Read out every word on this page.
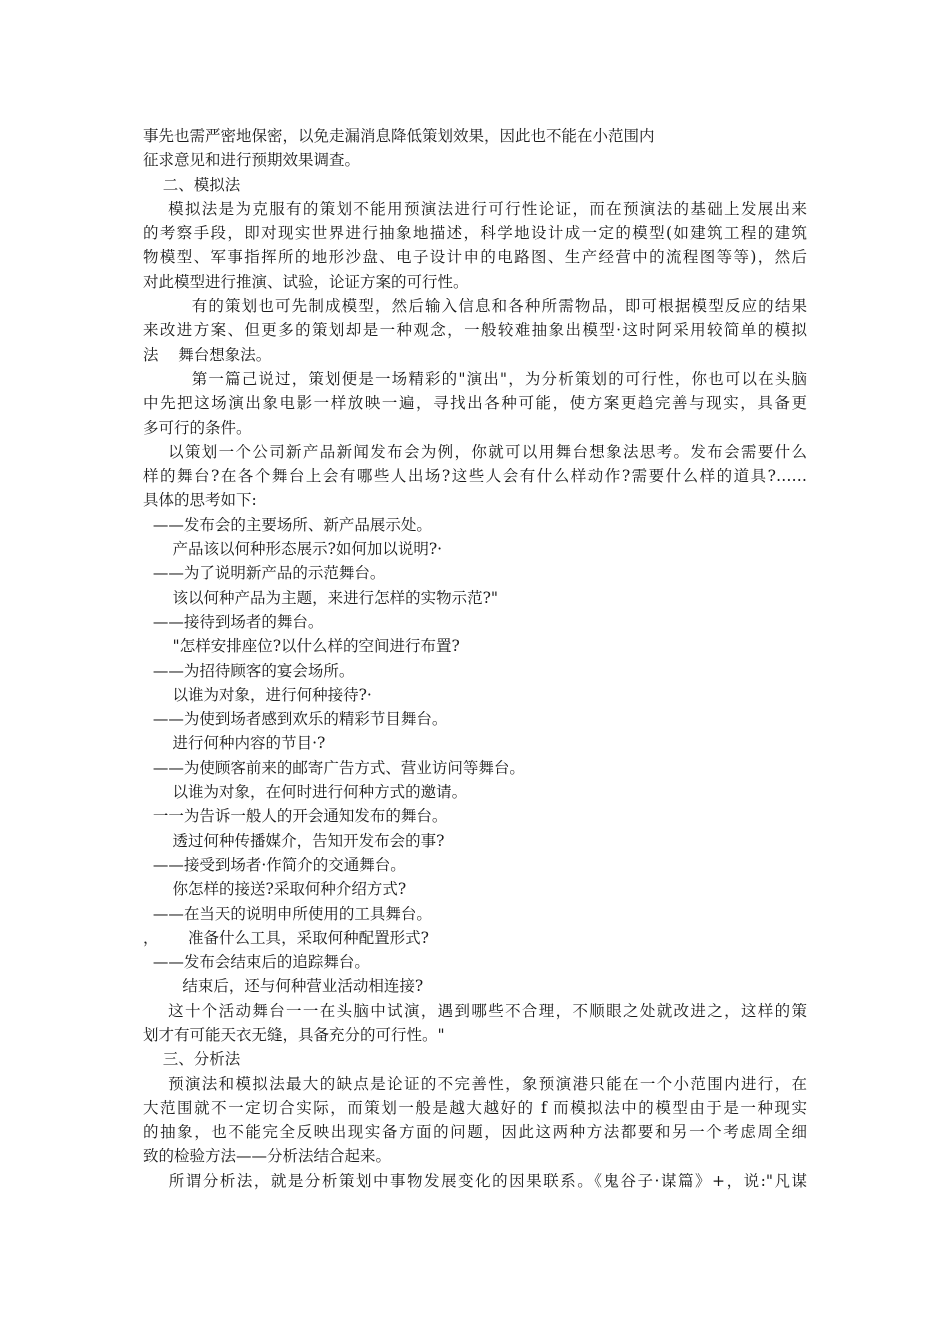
事先也需严密地保密，以免走漏消息降低策划效果，因此也不能在小范围内
征求意见和进行预期效果调查。
二、模拟法
模拟法是为克服有的策划不能用预演法进行可行性论证，而在预演法的基础上发展出来
的考察手段，即对现实世界进行抽象地描述，科学地设计成一定的模型(如建筑工程的建筑
物模型、军事指挥所的地形沙盘、电子设计申的电路图、生产经营中的流程图等等)，然后
对此模型进行推演、试验，论证方案的可行性。
有的策划也可先制成模型，然后输入信息和各种所需物品，即可根据模型反应的结果
来改进方案、但更多的策划却是一种观念，一般较难抽象出模型·这时阿采用较简单的模拟
法    舞台想象法。
第一篇己说过，策划便是一场精彩的"演出"，为分析策划的可行性，你也可以在头脑
中先把这场演出象电影一样放映一遍，寻找出各种可能，使方案更趋完善与现实，具备更
多可行的条件。
以策划一个公司新产品新闻发布会为例，你就可以用舞台想象法思考。发布会需要什么
样的舞台?在各个舞台上会有哪些人出场?这些人会有什么样动作?需要什么样的道具?……
具体的思考如下:
——发布会的主要场所、新产品展示处。
产品该以何种形态展示?如何加以说明?·
——为了说明新产品的示范舞台。
该以何种产品为主题，来进行怎样的实物示范?"
——接待到场者的舞台。
"怎样安排座位?以什么样的空间进行布置?
——为招待顾客的宴会场所。
以谁为对象，进行何种接待?·
——为使到场者感到欢乐的精彩节目舞台。
进行何种内容的节目·?
——为使顾客前来的邮寄广告方式、营业访问等舞台。
以谁为对象，在何时进行何种方式的邀请。
一一为告诉一般人的开会通知发布的舞台。
透过何种传播媒介，告知开发布会的事?
——接受到场者·作简介的交通舞台。
你怎样的接送?采取何种介绍方式?
——在当天的说明申所使用的工具舞台。
，      准备什么工具，采取何种配置形式?
——发布会结束后的追踪舞台。
结束后，还与何种营业活动相连接?
这十个活动舞台一一在头脑中试演，遇到哪些不合理，不顺眼之处就改进之，这样的策
划才有可能天衣无缝，具备充分的可行性。"
三、分析法
预演法和模拟法最大的缺点是论证的不完善性，象预演港只能在一个小范围内进行，在
大范围就不一定切合实际，而策划一般是越大越好的 f 而模拟法中的模型由于是一种现实
的抽象，也不能完全反映出现实备方面的问题，因此这两种方法都要和另一个考虑周全细
致的检验方法——分析法结合起来。
所谓分析法，就是分析策划中事物发展变化的因果联系。《鬼谷子·谋篇》+，说:"凡谋
